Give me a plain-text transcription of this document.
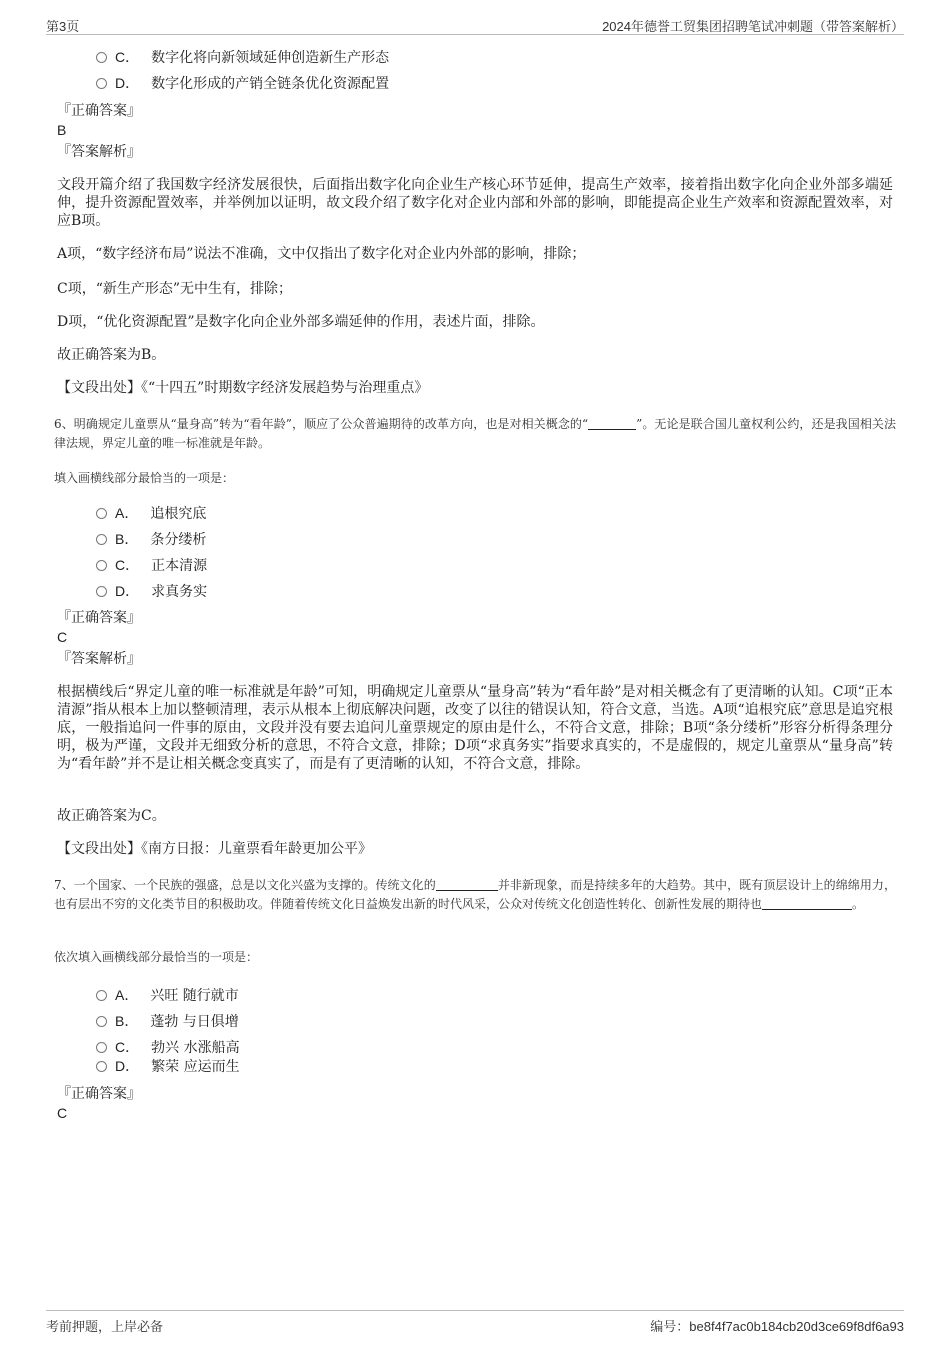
第3页	2024年德誉工贸集团招聘笔试冲刺题（带答案解析）
C． 数字化将向新领域延伸创造新生产形态
D． 数字化形成的产销全链条优化资源配置
『正确答案』
B
『答案解析』
文段开篇介绍了我国数字经济发展很快，后面指出数字化向企业生产核心环节延伸，提高生产效率，接着指出数字化向企业外部多端延伸，提升资源配置效率，并举例加以证明，故文段介绍了数字化对企业内部和外部的影响，即能提高企业生产效率和资源配置效率，对应B项。
A项，“数字经济布局”说法不准确，文中仅指出了数字化对企业内外部的影响，排除；
C项，“新生产形态”无中生有，排除；
D项，“优化资源配置”是数字化向企业外部多端延伸的作用，表述片面，排除。
故正确答案为B。
【文段出处】《“十四五”时期数字经济发展趋势与治理重点》
6、明确规定儿童票从“量身高”转为“看年龄”，顺应了公众普遍期待的改革方向，也是对相关概念的“	”。无论是联合国儿童权利公约，还是我国相关法律法规，界定儿童的唯一标准就是年龄。
填入画横线部分最恰当的一项是：
A． 追根究底
B． 条分缕析
C． 正本清源
D． 求真务实
『正确答案』
C
『答案解析』
根据横线后“界定儿童的唯一标准就是年龄”可知，明确规定儿童票从“量身高”转为“看年龄”是对相关概念有了更清晰的认知。C项“正本清源”指从根本上加以整顿清理，表示从根本上彻底解决问题，改变了以往的错误认知，符合文意，当选。A项“追根究底”意思是追究根底，一般指追问一件事的原由，文段并没有要去追问儿童票规定的原由是什么，不符合文意，排除；B项“条分缕析”形容分析得条理分明，极为严谨，文段并无细致分析的意思，不符合文意，排除；D项“求真务实”指要求真实的，不是虚假的，规定儿童票从“量身高”转为“看年龄”并不是让相关概念变真实了，而是有了更清晰的认知，不符合文意，排除。
故正确答案为C。
【文段出处】《南方日报：儿童票看年龄更加公平》
7、一个国家、一个民族的强盛，总是以文化兴盛为支撑的。传统文化的	并非新现象，而是持续多年的大趋势。其中，既有顶层设计上的绵绵用力，也有层出不穷的文化类节目的积极助攻。伴随着传统文化日益焕发出新的时代风采，公众对传统文化创造性转化、创新性发展的期待也	。
依次填入画横线部分最恰当的一项是：
A． 兴旺 随行就市
B． 蓬勃 与日俱增
C． 勃兴 水涨船高
D． 繁荣 应运而生
『正确答案』
C
考前押题，上岸必备	编号：be8f4f7ac0b184cb20d3ce69f8df6a93
